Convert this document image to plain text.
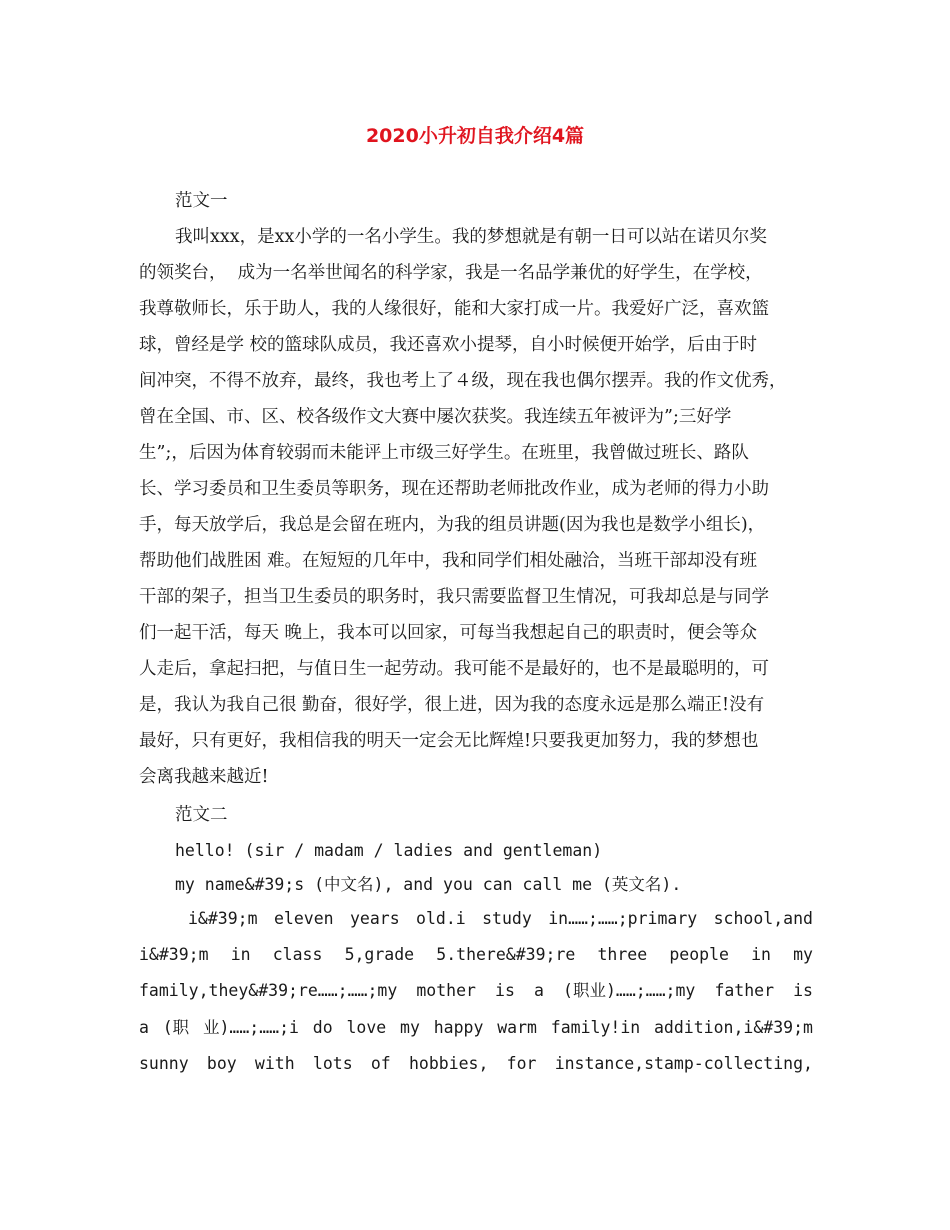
2020小升初自我介绍4篇

范文一

我叫xxx，是xx小学的一名小学生。我的梦想就是有朝一日可以站在诺贝尔奖

的领奖台，  成为一名举世闻名的科学家，我是一名品学兼优的好学生，在学校，

我尊敬师长，乐于助人，我的人缘很好，能和大家打成一片。我爱好广泛，喜欢篮

球，曾经是学 校的篮球队成员，我还喜欢小提琴，自小时候便开始学，后由于时

间冲突，不得不放弃，最终，我也考上了４级，现在我也偶尔摆弄。我的作文优秀，

曾在全国、市、区、校各级作文大赛中屡次获奖。我连续五年被评为”;三好学

生”;，后因为体育较弱而未能评上市级三好学生。在班里，我曾做过班长、路队

长、学习委员和卫生委员等职务，现在还帮助老师批改作业，成为老师的得力小助

手，每天放学后，我总是会留在班内，为我的组员讲题(因为我也是数学小组长)，

帮助他们战胜困 难。在短短的几年中，我和同学们相处融洽，当班干部却没有班

干部的架子，担当卫生委员的职务时，我只需要监督卫生情况，可我却总是与同学

们一起干活，每天 晚上，我本可以回家，可每当我想起自己的职责时，便会等众

人走后，拿起扫把，与值日生一起劳动。我可能不是最好的，也不是最聪明的，可

是，我认为我自己很 勤奋，很好学，很上进，因为我的态度永远是那么端正!没有

最好，只有更好，我相信我的明天一定会无比辉煌!只要我更加努力，我的梦想也

会离我越来越近!

范文二

hello! (sir / madam / ladies and gentleman)

my name&#39;s (中文名), and you can call me (英文名).

i&#39;m eleven years old.i study in……;……;primary school,and

i&#39;m in class 5,grade 5.there&#39;re three people in my

family,they&#39;re……;……;my mother is a (职业)……;……;my father is

a (职 业)……;……;i do love my happy warm family!in addition,i&#39;m

sunny boy with lots of hobbies, for instance,stamp-collecting,
